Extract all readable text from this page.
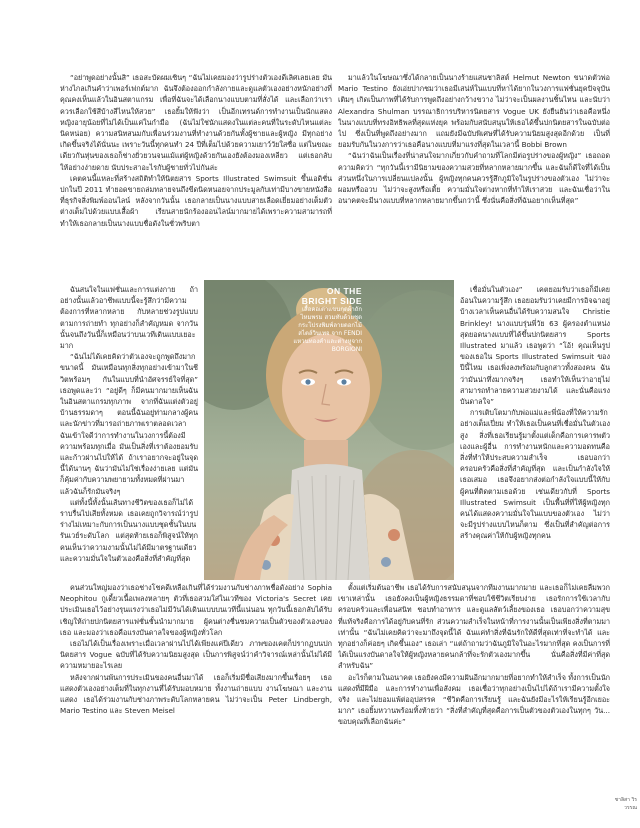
“อย่าพูดอย่างนั้นสิ” เธอสะบัดผมเซินๆ “ฉันไม่เคยมองว่ารูปร่างตัวเองดีเลิศเลยเลย มันห่างไกลเกินคำว่าเพอร์เฟกต์มาก ฉันจึงต้องออกกำลังกายและดูแลตัวเองอย่างหนักอย่างที่คุณคงเห็นแล้วในอินสตาแกรม เพื่อที่ฉันจะได้เลือกนางแบบตามที่สั่งได้ และเลือกว่าเราควรเลือกใช้สีบ้างสีไหนให้สวย” เธอยิ้มให้ฟังว่า เป็นอีกเทรนด์การทำงานเป็นนักแสดงหญิงอายุน้อยที่ไม่ได้เป็นแค่ในกำมือ (ฉันไม่ใช่นักแสดงในแต่ละคนที่ในระดับไหนแต่ละนิดหน่อย) ความสนิทสนมกับเพื่อนร่วมงานที่ทำงานด้วยกันทั้งผู้ชายและผู้หญิง มีทุกอย่างเกิดขึ้นจริงได้นั่นนะ เพราะวันนี้ทุกคนทำ 24 ปีที่เต็มไปด้วยความเยาว์วัยใสซื่อ แต่ในขณะเดียวกันหุ่นของเธอก็ช่างยั่วยวนจนแม้แต่ผู้หญิงด้วยกันเองยังต้องมองเหลียว แต่เธอกลับให้อย่างง่ายดาย นับประสาอะไรกับผู้ชายทั่วไปกันล่ะ

เคตคนนี้แหละที่สร้างสถิติทำให้นิตยสาร Sports Illustrated Swimsuit ขึ้นเอดิชั่นปกในปี 2011 ทำยอดขายถล่มทลายจนถึงขีดนิดหนอยจากประมูลกับเท่ามีบางขายหนังสือที่ธุรกิจสิ่งพิมพ์ออนไลน์ หลังจากวันนั้น เธอกลายเป็นนางแบบสายเลือดเยี่ยมอย่างเต็มตัว ต่างเต็มไปด้วยแบบเสื้อผ้า เรียนสายนักร้องออนไลน์มากมายได้เพราะความสามารถที่ทำให้เธอกลายเป็นนางแบบชื่อดังในชั่วพริบตา

ฉันสนใจในแฟชั่นและการแต่งกาย ถ้าอย่างนั้นแล้วอาชีพแบบนี้จะรู้สึกว่ามีความต้องการที่หลากหลาย กับหลายช่วงรูปแบบตามการถ่ายทำ ทุกอย่างก็สำคัญหมด จากวันนั้นจนถึงวันนี้ก็เหมือนว่าบนเวทีเดินแบบเยอะมาก

“ฉันไม่ได้เคยคิดว่าตัวเองจะถูกพูดถึงมากขนาดนี้ มันเหมือนทุกสิ่งทุกอย่างเข้ามาในชีวิตพร้อมๆ กันในแบบที่นำอัศจรรย์ใจที่สุด” เธอพูดและว่า “อยู่ดีๆ ก็มีคนมากมายเห็นฉันในอินสตาแกรมทุกภาพ จากที่ฉันแต่งตัวอยู่บ้านธรรมดาๆ ตอนนี้ฉันอยู่ท่ามกลางผู้คนและนักข่าวที่มารอถ่ายภาพเราตลอดเวลา ฉันเข้าใจดีว่าการทำงานในวงการนี้ต้องมีความพร้อมทุกเมื่อ มันเป็นสิ่งที่เราต้องยอมรับและก้าวผ่านไปให้ได้ ถ้าเราอยากจะอยู่ในจุดนี้ได้นานๆ ฉันว่ามันไม่ใช่เรื่องง่ายเลย แต่มันก็คุ้มค่ากับความพยายามทั้งหมดที่ผ่านมา แล้วฉันก็รักมันจริงๆ

แต่ทั้งนี้ทั้งนั้นเส้นทางชีวิตของเธอก็ไม่ได้ราบรื่นไปเสียทั้งหมด เธอเคยถูกวิจารณ์ว่ารูปร่างไม่เหมาะกับการเป็นนางแบบชุดชั้นในบนรันเวย์ระดับโลก แต่สุดท้ายเธอก็พิสูจน์ให้ทุกคนเห็นว่าความงามนั้นไม่ได้มีมาตรฐานเดียว และความมั่นใจในตัวเองคือสิ่งที่สำคัญที่สุด

คนส่วนใหญ่มองว่าเธอช่างโชคดีเหลือเกินที่ได้ร่วมงานกับช่างภาพชื่อดังอย่าง Sophia Neophitou กูเดี้ยวเนื้อเพลงหลายๆ ตัวที่เธอสวมใส่ในเวทีของ Victoria's Secret เคยประเมินเธอไว้อย่างรุนแรงว่าเธอไม่มีวันได้เดินแบบบนเวทีนี้แน่นอน ทุกวันนี้เธอกลับได้รับเชิญให้ถ่ายปกนิตยสารแฟชั่นชั้นนำมากมาย ผู้คนต่างชื่นชมความเป็นตัวของตัวเองของเธอ และมองว่าเธอคือแรงบันดาลใจของผู้หญิงทั่วโลก

เธอไม่ได้เป็นเรื่องเพราะเมื่อเวลาผ่านไปได้เพียงแค่ปีเดียว ภาพของเคตก็ปรากฏบนปกนิตยสาร Vogue ฉบับที่ได้รับความนิยมสูงสุด เป็นการพิสูจน์ว่าคำวิจารณ์เหล่านั้นไม่ได้มีความหมายอะไรเลย

หลังจากผ่านพ้นการประเมินของคนอื่นมาได้ เธอก็เริ่มมีชื่อเสียงมากขึ้นเรื่อยๆ เธอแสดงตัวเองอย่างเต็มที่ในทุกงานที่ได้รับมอบหมาย ทั้งงานถ่ายแบบ งานโฆษณา และงานแสดง เธอได้ร่วมงานกับช่างภาพระดับโลกหลายคน ไม่ว่าจะเป็น Peter Lindbergh, Mario Testino และ Steven Meisel

มาแล้วในโฆษณาซึ่งได้กลายเป็นนางร้ายแสนชาลิสต์ Helmut Newton ขนาดตัวพ่อ Mario Testino ยังเอ่ยปากชมว่าเธอมีเสน่ห์ในแบบที่หาได้ยากในวงการแฟชั่นยุคปัจจุบัน เติมๆ เกิดเป็นภาพที่ได้รับการพูดถึงอย่างกว้างขวาง ไม่ว่าจะเป็นผลงานชิ้นไหน และนับว่า Alexandra Shulman บรรณาธิการบริหารนิตยสาร Vogue UK ยังยืนยันว่าเธอคือหนึ่งในนางแบบที่ทรงอิทธิพลที่สุดแห่งยุค พร้อมกับสนับสนุนให้เธอได้ขึ้นปกนิตยสารในฉบับต่อไป ซึ่งเป็นที่พูดถึงอย่างมาก แถมยังมีฉบับพิเศษที่ได้รับความนิยมสูงสุดอีกด้วย เป็นที่ยอมรับกันในวงการว่าเธอคือนางแบบที่มาแรงที่สุดในเวลานี้ Bobbi Brown

“ฉันว่าฉันเป็นเรื่องที่น่าสนใจมากเกี่ยวกับคำถามที่โลกมีต่อรูปร่างของผู้หญิง” เธอถอดความคิดว่า “ทุกวันนี้เรามีนิยามของความสวยที่หลากหลายมากขึ้น และฉันก็ดีใจที่ได้เป็นส่วนหนึ่งในการเปลี่ยนแปลงนั้น ผู้หญิงทุกคนควรรู้สึกภูมิใจในรูปร่างของตัวเอง ไม่ว่าจะผอมหรืออวบ ไม่ว่าจะสูงหรือเตี้ย ความมั่นใจต่างหากที่ทำให้เราสวย และฉันเชื่อว่าในอนาคตจะมีนางแบบที่หลากหลายมากขึ้นกว่านี้ ซึ่งนั่นคือสิ่งที่ฉันอยากเห็นที่สุด”

เชื่อมั่นในตัวเอง” เคตยอมรับว่าเธอก็มีเคยอ้อนในความรู้สึก เธอยอมรับว่าเคยมีการอิจฉาอยู่บ้างเวลาเห็นคนอื่นได้รับความสนใจ Christie Brinkley! นางแบบรุ่นพี่วัย 63 ผู้ครองตำแหน่งสุดยอดนางแบบที่ได้ขึ้นปกนิตยสาร Sports Illustrated มาแล้ว เธอพูดว่า “โอ้! คุณเห็นรูปของเธอใน Sports Illustrated Swimsuit ของปีนี้ไหม เธอเพิ่งลงพร้อมกับลูกสาวทั้งสองคน ฉันว่ามันน่าทึ่งมากจริงๆ เธอทำให้เห็นว่าอายุไม่สามารถทำลายความสวยงามได้ และนั่นคือแรงบันดาลใจ”

การเติบโตมากับพ่อแม่และพี่น้องที่ให้ความรักอย่างเต็มเปี่ยม ทำให้เธอเป็นคนที่เชื่อมั่นในตัวเองสูง สิ่งที่เธอเรียนรู้มาตั้งแต่เด็กคือการเคารพตัวเองและผู้อื่น การทำงานหนักและความอดทนคือสิ่งที่ทำให้ประสบความสำเร็จ เธอบอกว่าครอบครัวคือสิ่งที่สำคัญที่สุด และเป็นกำลังใจให้เธอเสมอ เธอจึงอยากส่งต่อกำลังใจแบบนี้ให้กับผู้คนที่ติดตามเธอด้วย เช่นเดียวกับที่ Sports Illustrated Swimsuit เป็นพื้นที่ที่ให้ผู้หญิงทุกคนได้แสดงความมั่นใจในแบบของตัวเอง ไม่ว่าจะมีรูปร่างแบบไหนก็ตาม ซึ่งเป็นที่สำคัญต่อการสร้างคุณค่าให้กับผู้หญิงทุกคน

ตั้งแต่เริ่มต้นอาชีพ เธอได้รับการสนับสนุนจากทีมงานมากมาย และเธอก็ไม่เคยลืมพวกเขาเหล่านั้น เธอยังคงเป็นผู้หญิงธรรมดาที่ชอบใช้ชีวิตเรียบง่าย เธอรักการใช้เวลากับครอบครัวและเพื่อนสนิท ชอบทำอาหาร และดูแลสัตว์เลี้ยงของเธอ เธอบอกว่าความสุขที่แท้จริงคือการได้อยู่กับคนที่รัก ส่วนความสำเร็จในหน้าที่การงานนั้นเป็นเพียงสิ่งที่ตามมาเท่านั้น “ฉันไม่เคยคิดว่าจะมาถึงจุดนี้ได้ ฉันแค่ทำสิ่งที่ฉันรักให้ดีที่สุดเท่าที่จะทำได้ และทุกอย่างก็ค่อยๆ เกิดขึ้นเอง” เธอเล่า “แต่ถ้าถามว่าฉันภูมิใจในอะไรมากที่สุด คงเป็นการที่ได้เป็นแรงบันดาลใจให้ผู้หญิงหลายคนกล้าที่จะรักตัวเองมากขึ้น นั่นคือสิ่งที่มีค่าที่สุดสำหรับฉัน”

อะไรก็ตามในอนาคต เธอยังคงมีความฝันอีกมากมายที่อยากทำให้สำเร็จ ทั้งการเป็นนักแสดงที่มีฝีมือ และการทำงานเพื่อสังคม เธอเชื่อว่าทุกอย่างเป็นไปได้ถ้าเรามีความตั้งใจจริง และไม่ยอมแพ้ต่ออุปสรรค “ชีวิตคือการเรียนรู้ และฉันยังมีอะไรให้เรียนรู้อีกเยอะมาก” เธอยิ้มหวานพร้อมทิ้งท้ายว่า “สิ่งที่สำคัญที่สุดคือการเป็นตัวของตัวเองในทุกๆ วัน... ขอบคุณที่เลือกฉันค่ะ”

ON THE BRIGHT SIDE
เสื้อคอเต่าแขนกุดผ้าถักไหมพรม สวมทับด้วยชุดกระโปรงพิมพ์ลายดอกไม้สไตล์วินเทจ จาก FENDI แหวนทองคำและต่างหูจาก BORGIONI
ชาลิสา วิรวรรณ
